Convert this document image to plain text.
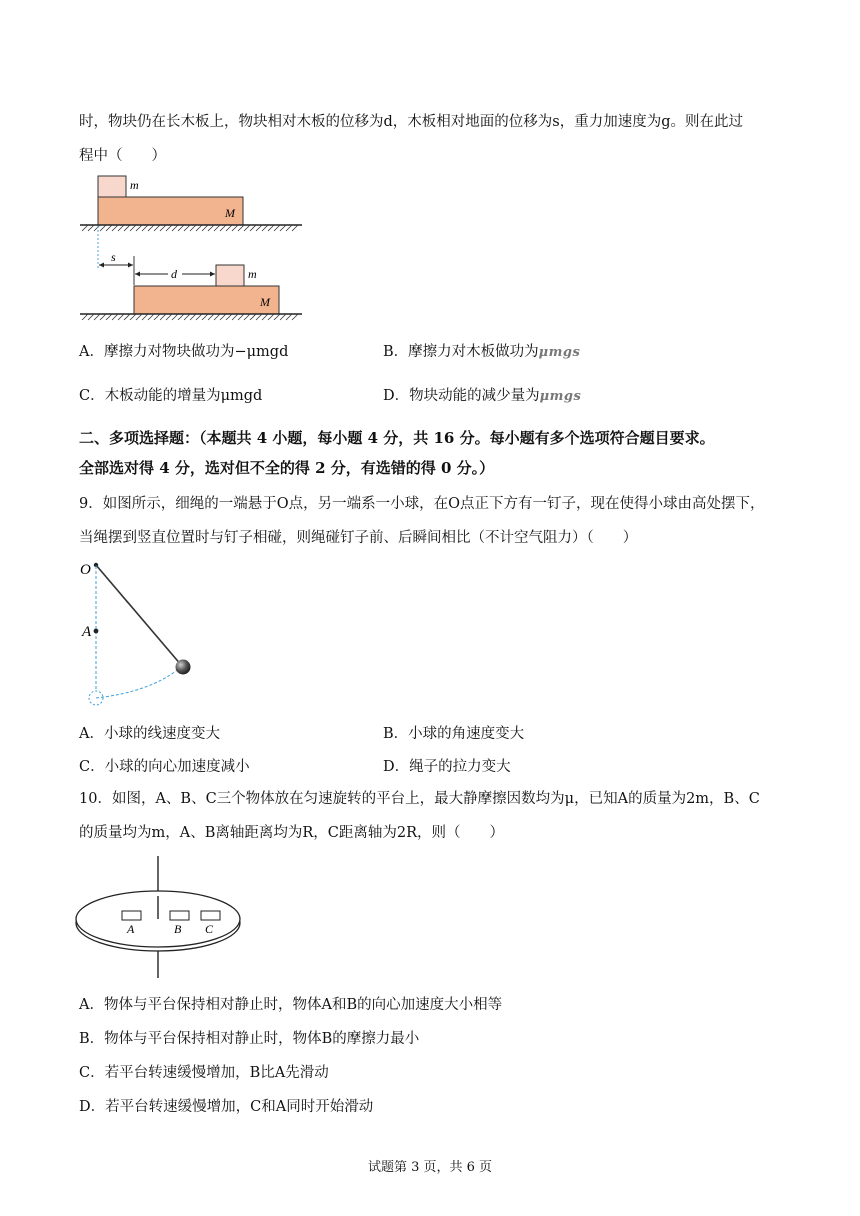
时，物块仍在长木板上，物块相对木板的位移为d，木板相对地面的位移为s，重力加速度为g。则在此过
程中（　　）
m
M
s
d	m
M
A．摩擦力对物块做功为−μmgd	B．摩擦力对木板做功为μmgs
C．木板动能的增量为μmgd	D．物块动能的减少量为μmgs
二、多项选择题：（本题共 4 小题，每小题 4 分，共 16 分。每小题有多个选项符合题目要求。
全部选对得 4 分，选对但不全的得 2 分，有选错的得 0 分。）
9．如图所示，细绳的一端悬于O点，另一端系一小球，在O点正下方有一钉子，现在使得小球由高处摆下，
当绳摆到竖直位置时与钉子相碰，则绳碰钉子前、后瞬间相比（不计空气阻力）（　　）
O
A
A．小球的线速度变大	B．小球的角速度变大
C．小球的向心加速度减小	D．绳子的拉力变大
10．如图，A、B、C三个物体放在匀速旋转的平台上，最大静摩擦因数均为μ，已知A的质量为2m，B、C
的质量均为m，A、B离轴距离均为R，C距离轴为2R，则（　　）
A	B C
A．物体与平台保持相对静止时，物体A和B的向心加速度大小相等
B．物体与平台保持相对静止时，物体B的摩擦力最小
C．若平台转速缓慢增加，B比A先滑动
D．若平台转速缓慢增加，C和A同时开始滑动
试题第 3 页，共 6 页
